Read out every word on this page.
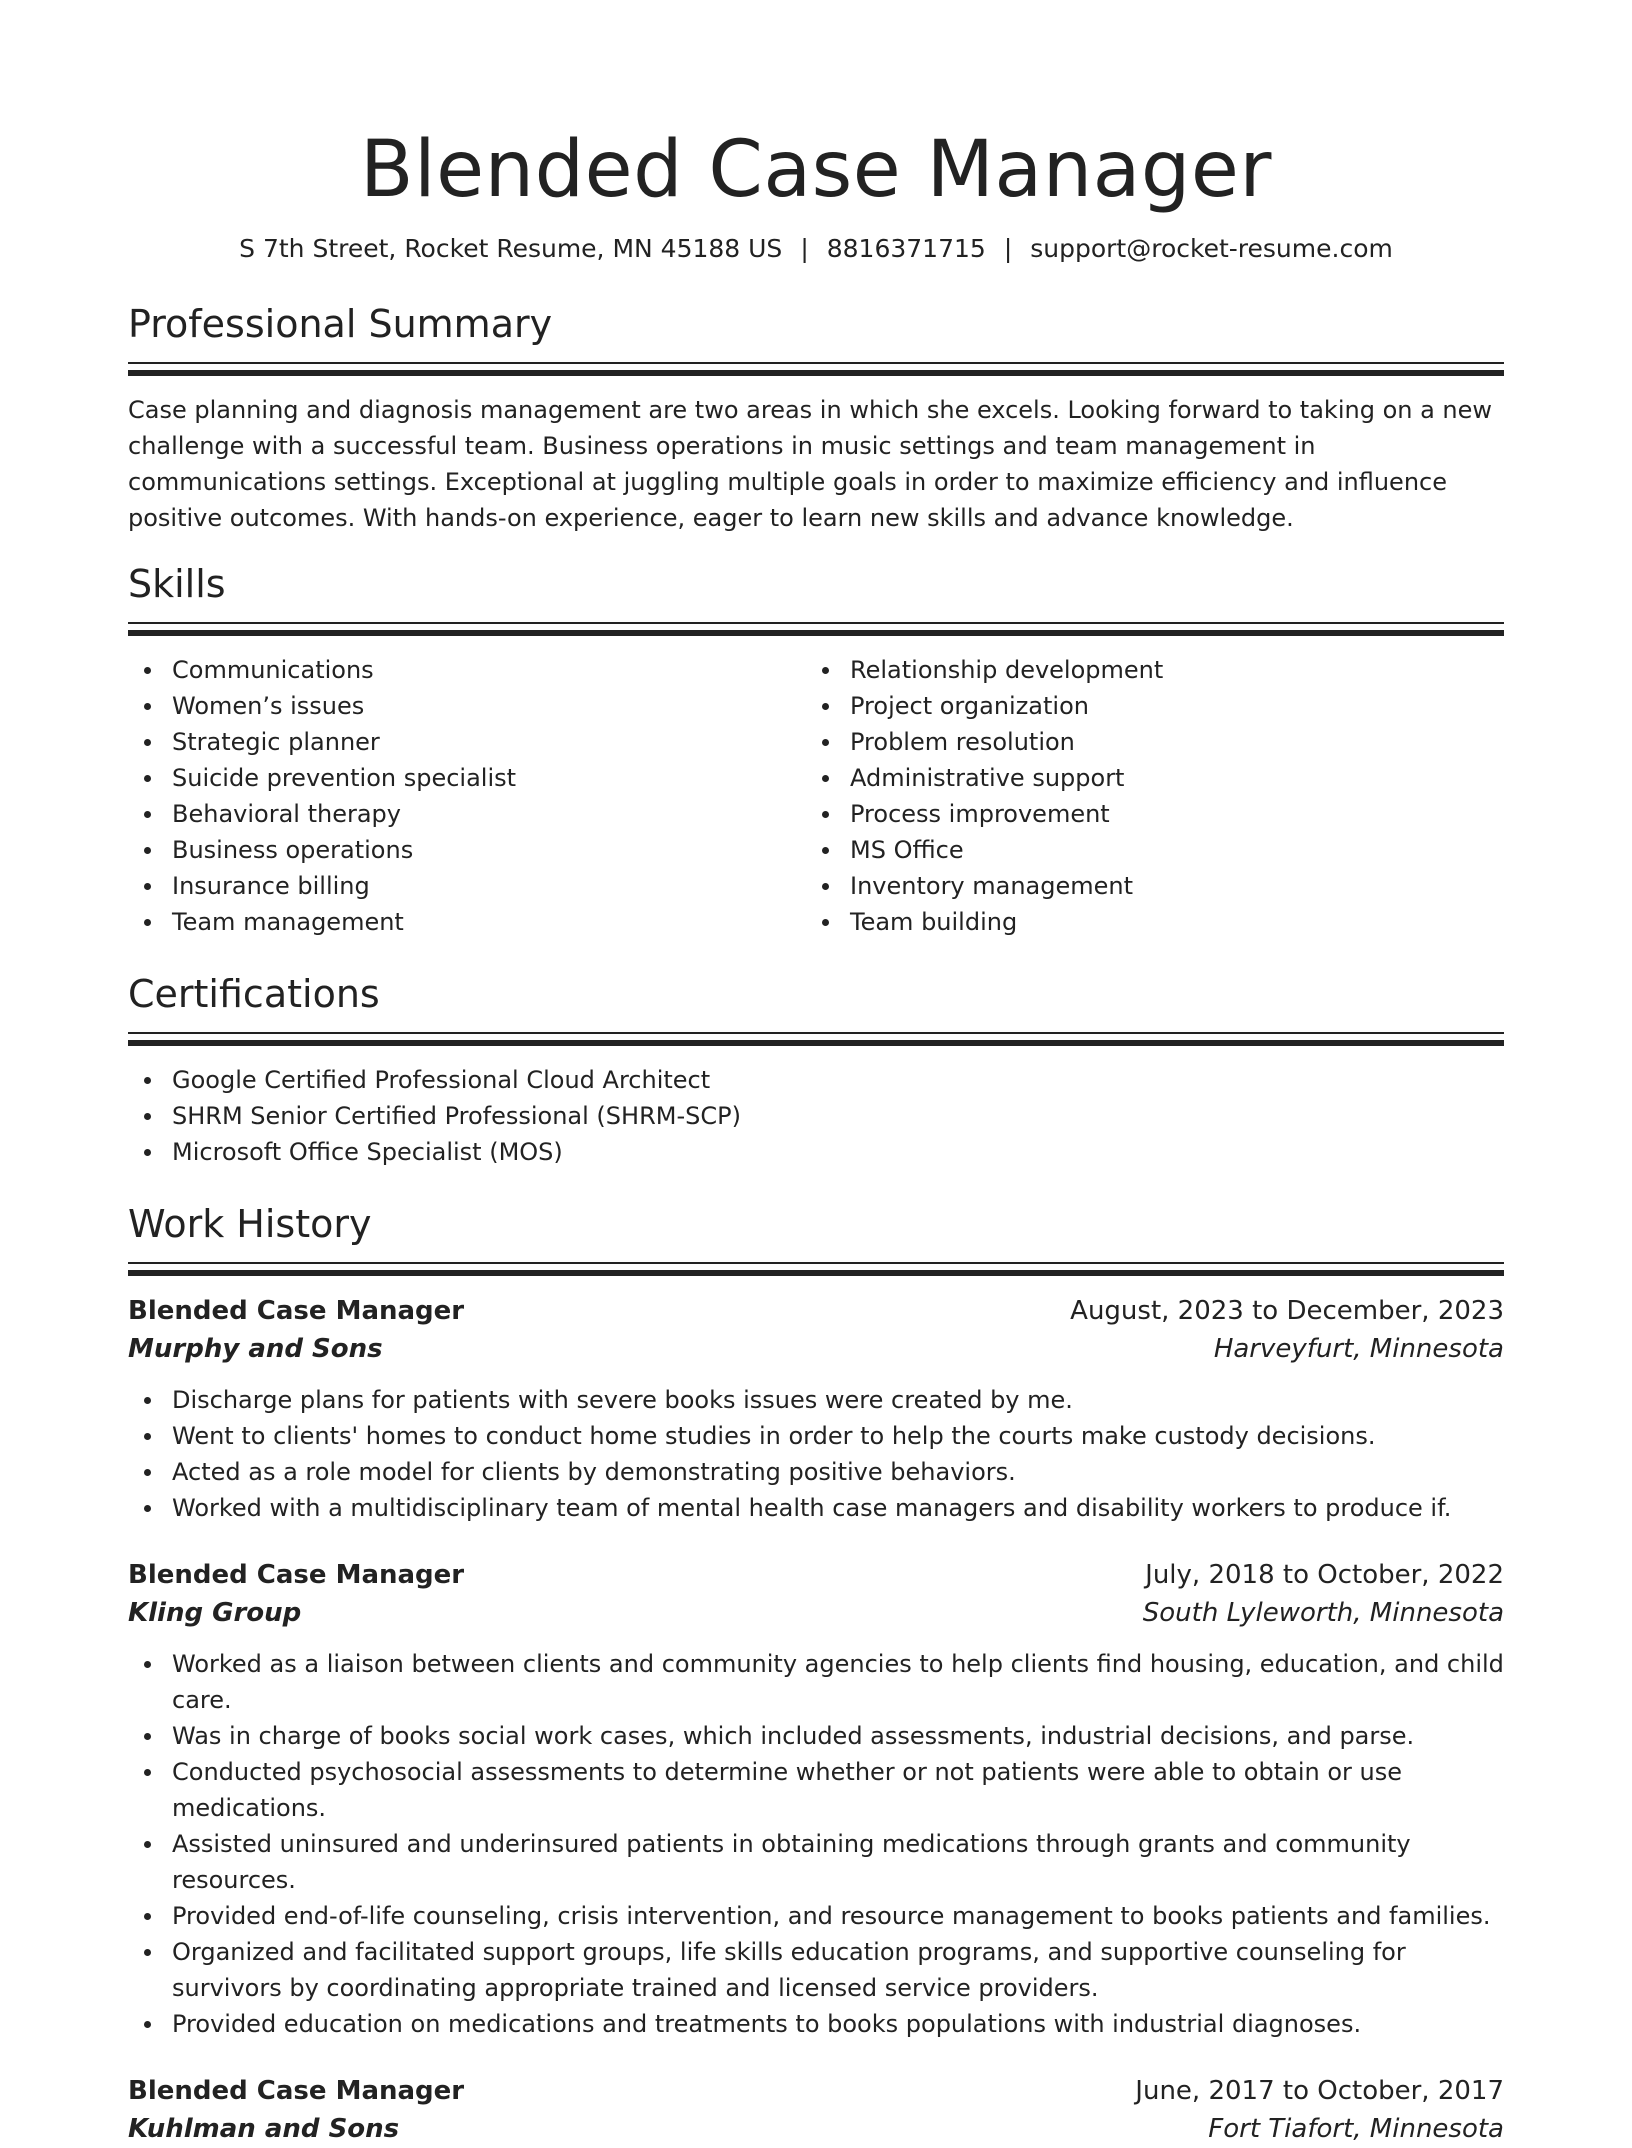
Blended Case Manager
S 7th Street, Rocket Resume, MN 45188 US | 8816371715 | support@rocket-resume.com
Professional Summary

Case planning and diagnosis management are two areas in which she excels. Looking forward to taking on a new challenge with a successful team. Business operations in music settings and team management in communications settings. Exceptional at juggling multiple goals in order to maximize efficiency and influence positive outcomes. With hands-on experience, eager to learn new skills and advance knowledge.

Skills
Communications
Women’s issues
Strategic planner
Suicide prevention specialist
Behavioral therapy
Business operations
Insurance billing
Team management
Relationship development
Project organization
Problem resolution
Administrative support
Process improvement
MS Office
Inventory management
Team building
Certifications
Google Certified Professional Cloud Architect
SHRM Senior Certified Professional (SHRM-SCP)
Microsoft Office Specialist (MOS)
Work History
Blended Case Manager	August, 2023 to December, 2023
Murphy and Sons	Harveyfurt, Minnesota
Discharge plans for patients with severe books issues were created by me.
Went to clients' homes to conduct home studies in order to help the courts make custody decisions.
Acted as a role model for clients by demonstrating positive behaviors.
Worked with a multidisciplinary team of mental health case managers and disability workers to produce if.
Blended Case Manager	July, 2018 to October, 2022
Kling Group	South Lyleworth, Minnesota
Worked as a liaison between clients and community agencies to help clients find housing, education, and child care.
Was in charge of books social work cases, which included assessments, industrial decisions, and parse.
Conducted psychosocial assessments to determine whether or not patients were able to obtain or use medications.
Assisted uninsured and underinsured patients in obtaining medications through grants and community resources.
Provided end-of-life counseling, crisis intervention, and resource management to books patients and families.
Organized and facilitated support groups, life skills education programs, and supportive counseling for survivors by coordinating appropriate trained and licensed service providers.
Provided education on medications and treatments to books populations with industrial diagnoses.
Blended Case Manager	June, 2017 to October, 2017
Kuhlman and Sons	Fort Tiafort, Minnesota
